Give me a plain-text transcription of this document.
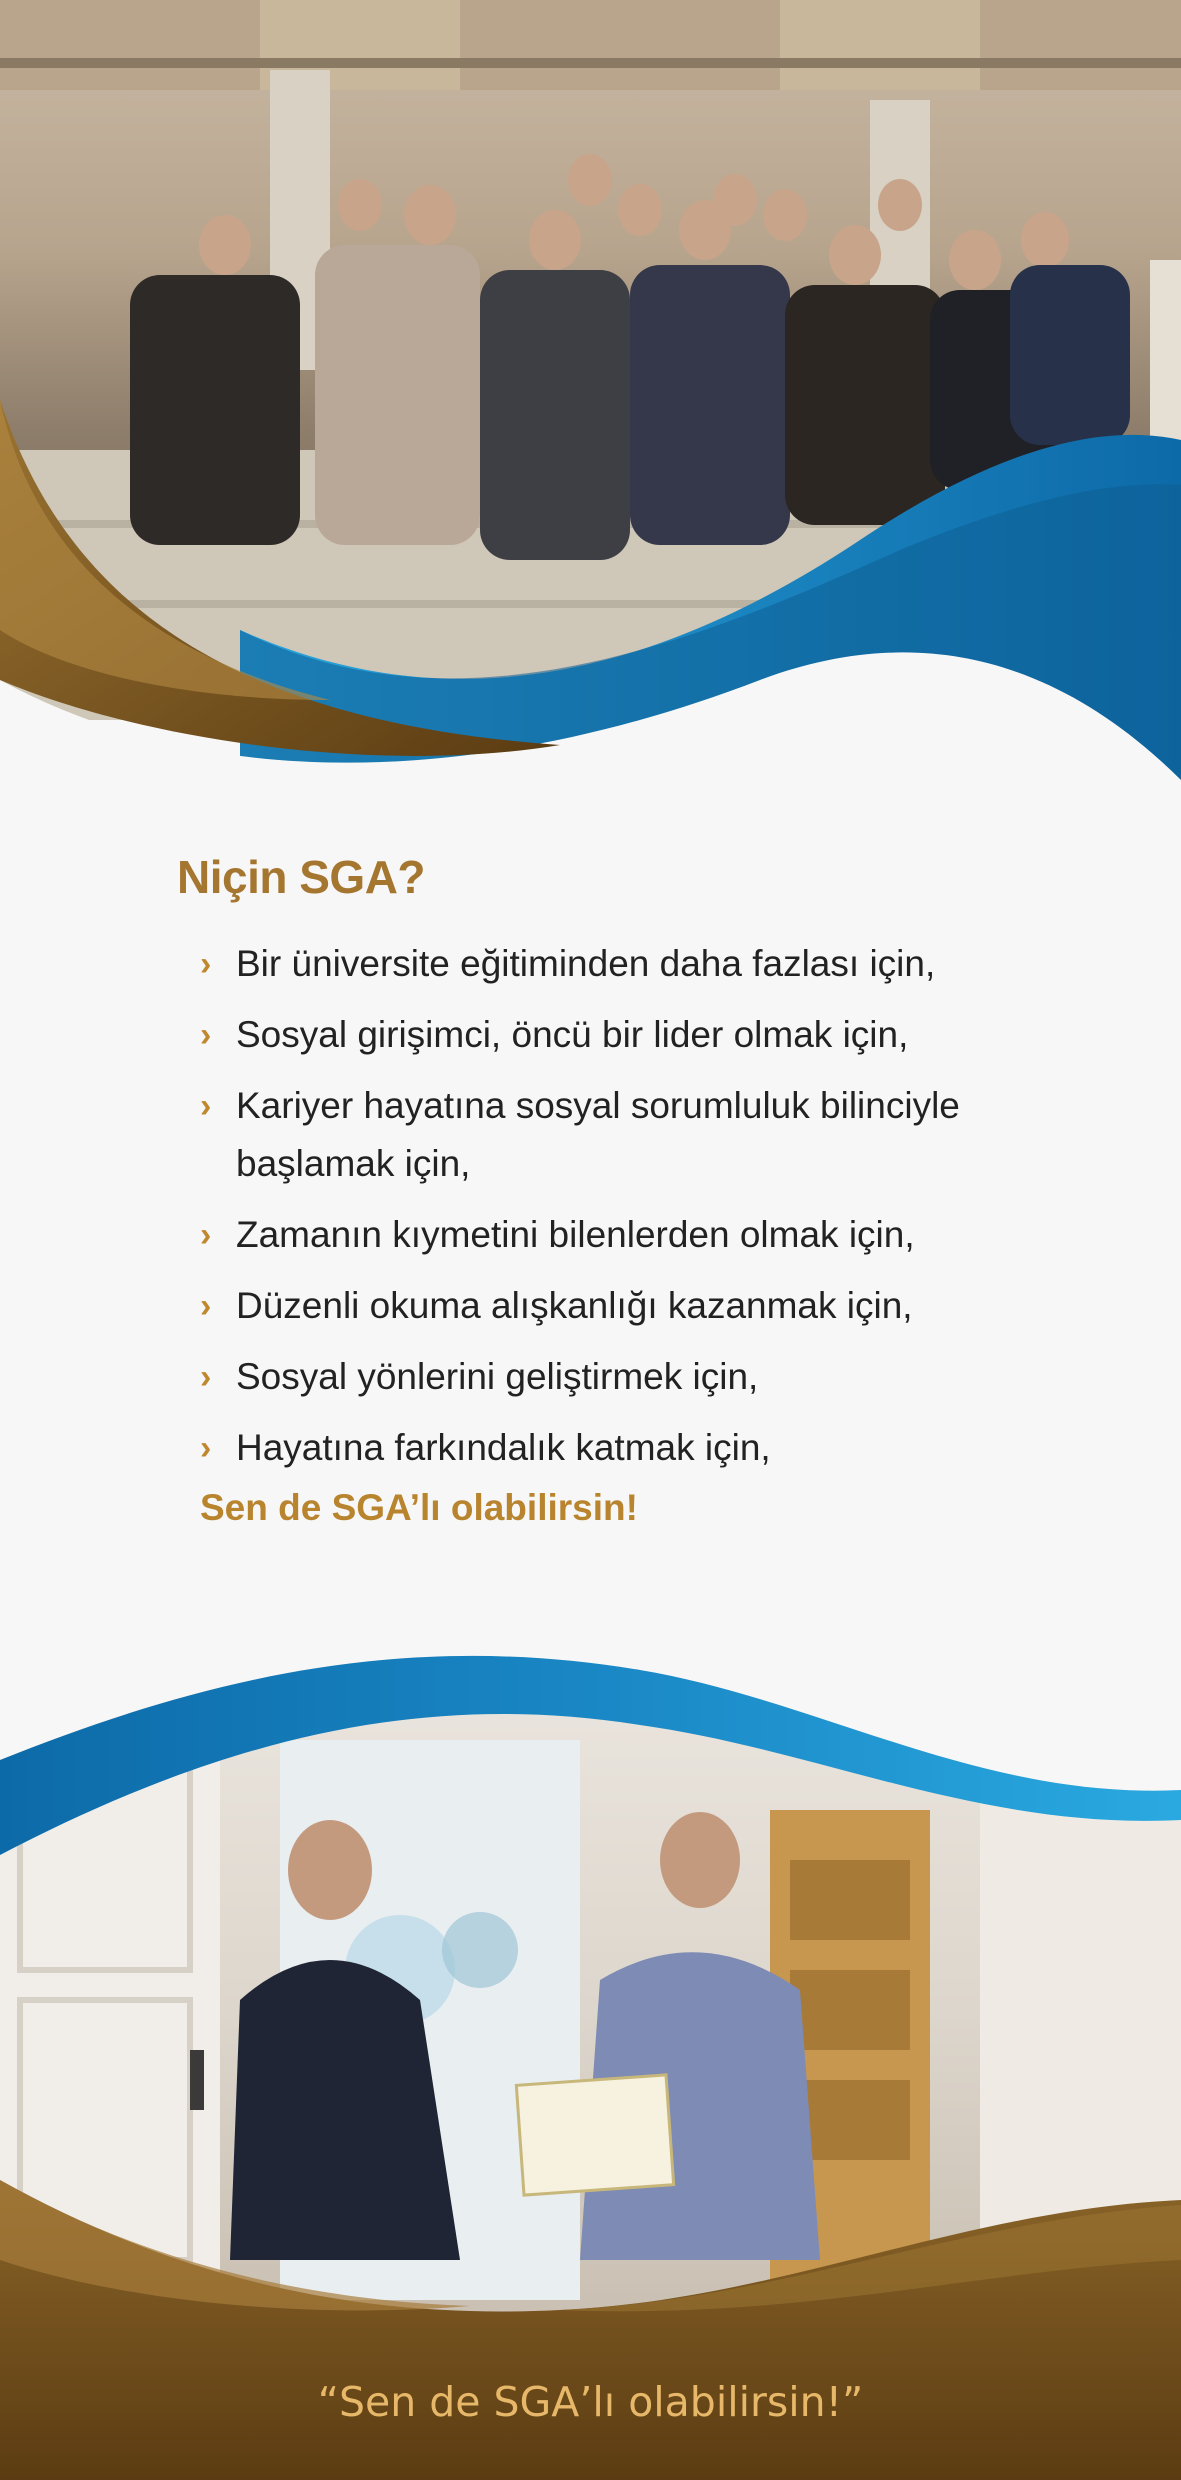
Niçin SGA?
› Bir üniversite eğitiminden daha fazlası için,
› Sosyal girişimci, öncü bir lider olmak için,
› Kariyer hayatına sosyal sorumluluk bilinciyle başlamak için,
› Zamanın kıymetini bilenlerden olmak için,
› Düzenli okuma alışkanlığı kazanmak için,
› Sosyal yönlerini geliştirmek için,
› Hayatına farkındalık katmak için,
Sen de SGA’lı olabilirsin!
“Sen de SGA’lı olabilirsin!”
